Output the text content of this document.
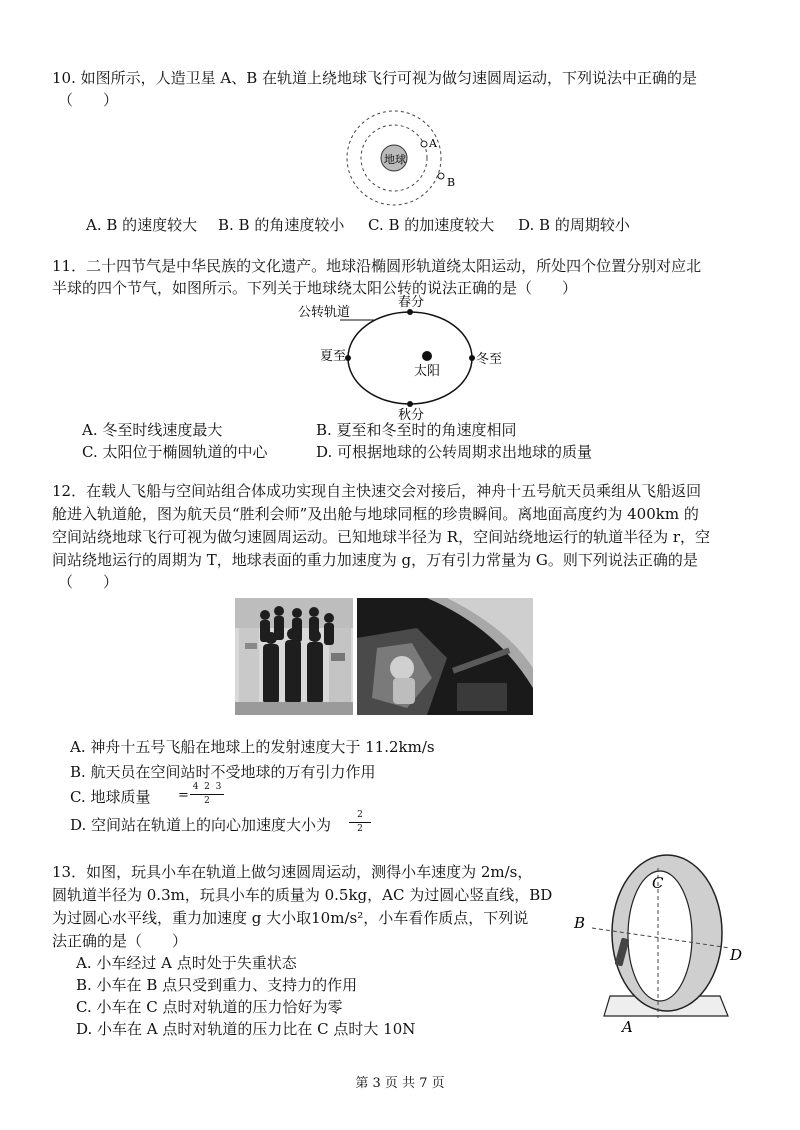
10. 如图所示，人造卫星 A、B 在轨道上绕地球飞行可视为做匀速圆周运动，下列说法中正确的是
（　　）
地球
A
B
A. B 的速度较大 B. B 的角速度较小 C. B 的加速度较大 D. B 的周期较小
11．二十四节气是中华民族的文化遗产。地球沿椭圆形轨道绕太阳运动，所处四个位置分别对应北
半球的四个节气，如图所示。下列关于地球绕太阳公转的说法正确的是（　　）
公转轨道
春分
夏至	冬至
秋分
太阳
A. 冬至时线速度最大	B. 夏至和冬至时的角速度相同
C. 太阳位于椭圆轨道的中心	D. 可根据地球的公转周期求出地球的质量
12．在载人飞船与空间站组合体成功实现自主快速交会对接后，神舟十五号航天员乘组从飞船返回
舱进入轨道舱，图为航天员“胜利会师”及出舱与地球同框的珍贵瞬间。离地面高度约为 400km 的
空间站绕地球飞行可视为做匀速圆周运动。已知地球半径为 R，空间站绕地运行的轨道半径为 r，空
间站绕地运行的周期为 T，地球表面的重力加速度为 g，万有引力常量为 G。则下列说法正确的是
（　　）
A. 神舟十五号飞船在地球上的发射速度大于 11.2km/s
B. 航天员在空间站时不受地球的万有引力作用
C. 地球质量 =
4  2  3
2
D. 空间站在轨道上的向心加速度大小为
2
2
13．如图，玩具小车在轨道上做匀速圆周运动，测得小车速度为 2m/s，
圆轨道半径为 0.3m，玩具小车的质量为 0.5kg，AC 为过圆心竖直线，BD
为过圆心水平线，重力加速度 g 大小取10m/s²，小车看作质点，下列说
法正确的是（　　）
A. 小车经过 A 点时处于失重状态
B. 小车在 B 点只受到重力、支持力的作用
C. 小车在 C 点时对轨道的压力恰好为零
D. 小车在 A 点时对轨道的压力比在 C 点时大 10N
C
B
D
A
第 3 页 共 7 页
